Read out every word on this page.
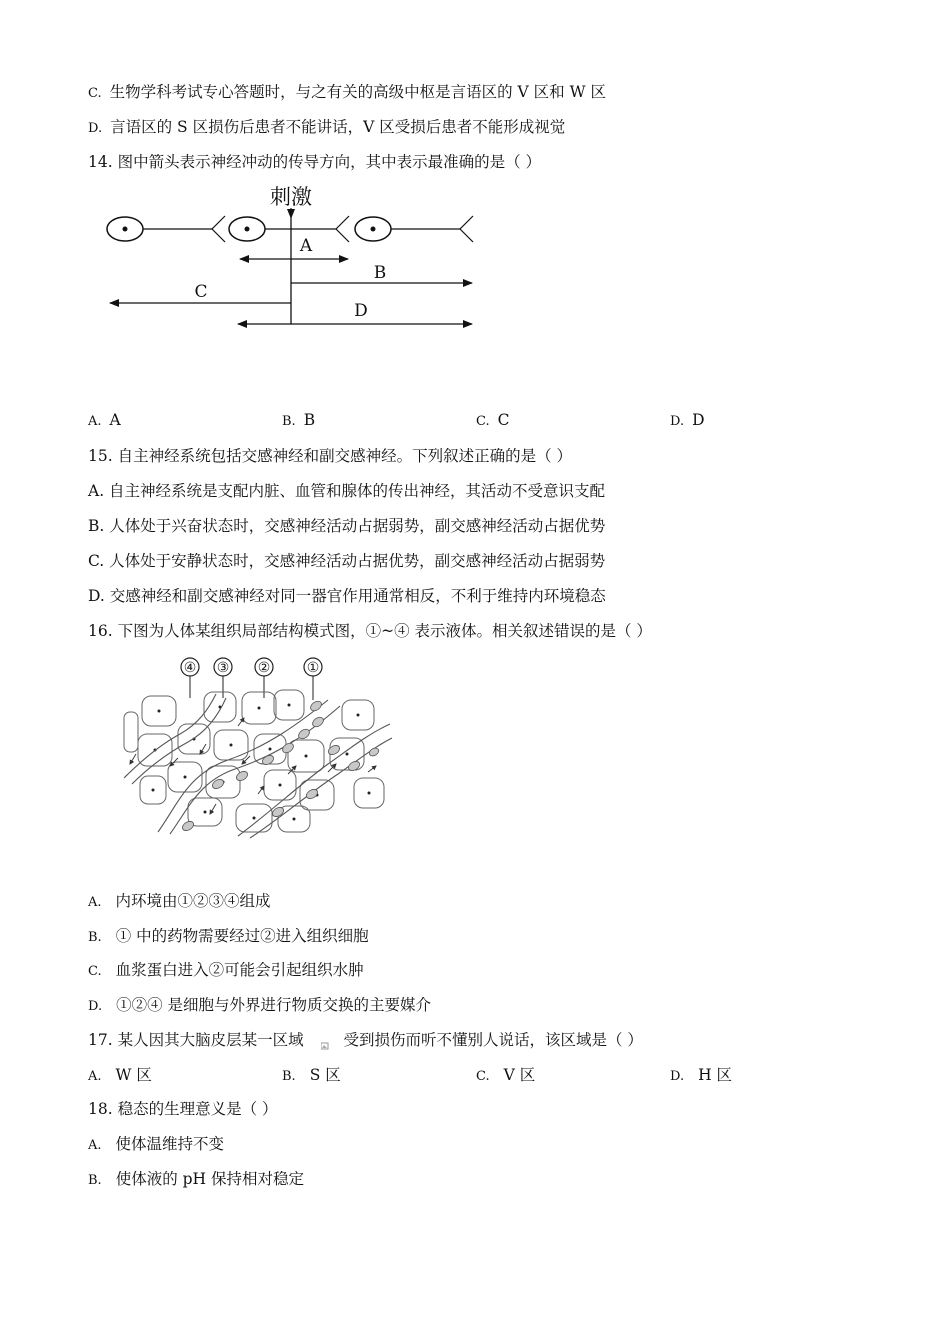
C. 生物学科考试专心答题时，与之有关的高级中枢是言语区的 V 区和 W 区
D. 言语区的 S 区损伤后患者不能讲话，V 区受损后患者不能形成视觉
14. 图中箭头表示神经冲动的传导方向，其中表示最准确的是（ ）
刺激
A
B
C
D
A. A	B. B	C. C	D. D
15. 自主神经系统包括交感神经和副交感神经。下列叙述正确的是（ ）
A. 自主神经系统是支配内脏、血管和腺体的传出神经，其活动不受意识支配
B. 人体处于兴奋状态时，交感神经活动占据弱势，副交感神经活动占据优势
C. 人体处于安静状态时，交感神经活动占据优势，副交感神经活动占据弱势
D. 交感神经和副交感神经对同一器官作用通常相反，不利于维持内环境稳态
16. 下图为人体某组织局部结构模式图，①~④ 表示液体。相关叙述错误的是（ ）
④ ③ ②	①
A. 内环境由①②③④组成
B. ① 中的药物需要经过②进入组织细胞
C. 血浆蛋白进入②可能会引起组织水肿
D. ①②④ 是细胞与外界进行物质交换的主要媒介
17. 某人因其大脑皮层某一区域	受到损伤而听不懂别人说话，该区域是（ ）
A. W 区	B. S 区	C. V 区	D. H 区
18. 稳态的生理意义是（ ）
A. 使体温维持不变
B. 使体液的 pH 保持相对稳定
